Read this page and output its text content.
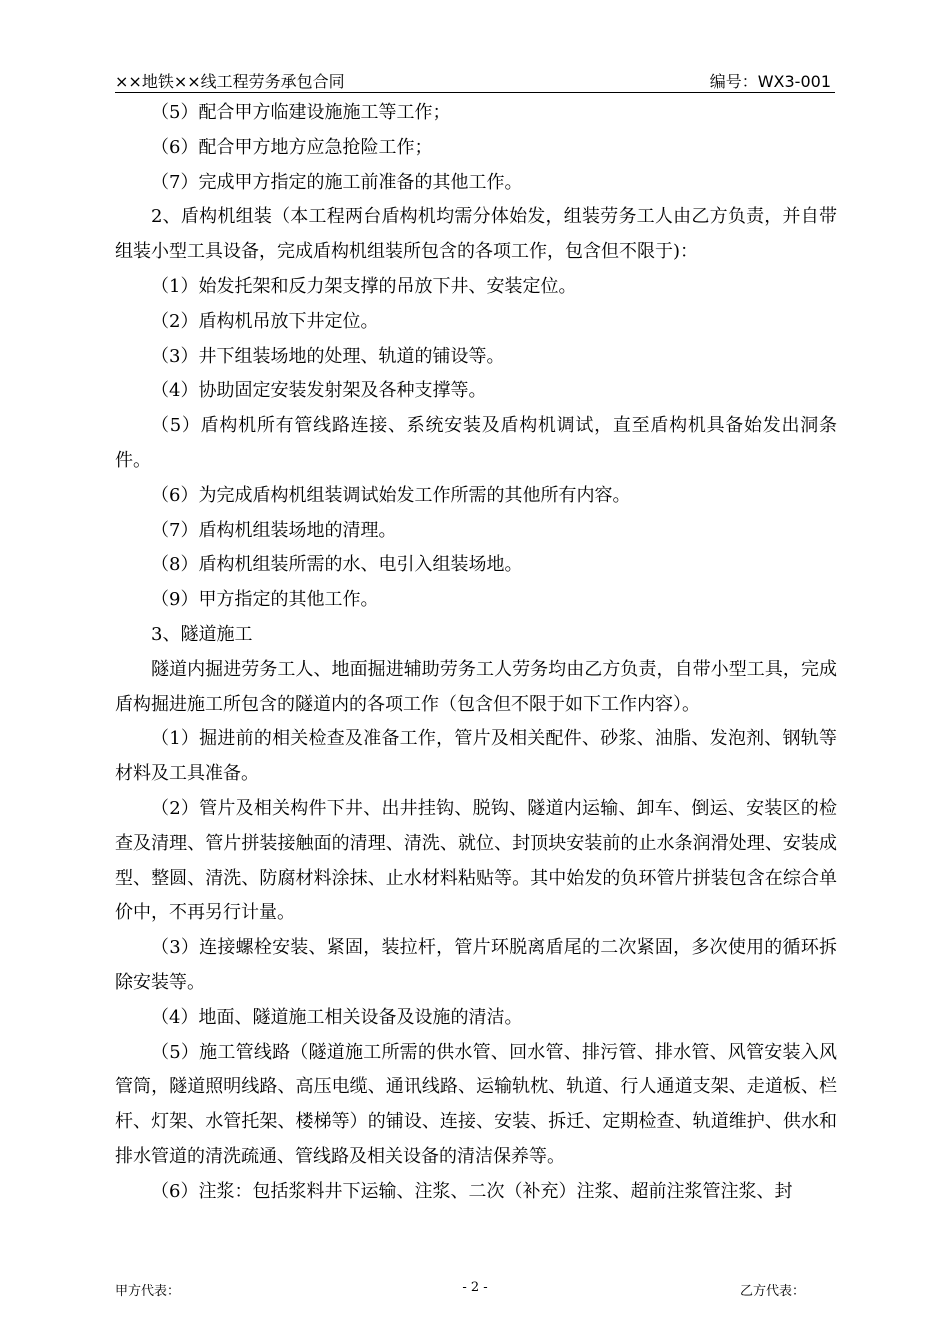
××地铁××线工程劳务承包合同	编号：WX3-001

（5）配合甲方临建设施施工等工作；

（6）配合甲方地方应急抢险工作；

（7）完成甲方指定的施工前准备的其他工作。

2、盾构机组装（本工程两台盾构机均需分体始发，组装劳务工人由乙方负责，并自带组装小型工具设备，完成盾构机组装所包含的各项工作，包含但不限于)：

（1）始发托架和反力架支撑的吊放下井、安装定位。

（2）盾构机吊放下井定位。

（3）井下组装场地的处理、轨道的铺设等。

（4）协助固定安装发射架及各种支撑等。

（5）盾构机所有管线路连接、系统安装及盾构机调试，直至盾构机具备始发出洞条件。

（6）为完成盾构机组装调试始发工作所需的其他所有内容。

（7）盾构机组装场地的清理。

（8）盾构机组装所需的水、电引入组装场地。

（9）甲方指定的其他工作。

3、隧道施工

隧道内掘进劳务工人、地面掘进辅助劳务工人劳务均由乙方负责，自带小型工具，完成盾构掘进施工所包含的隧道内的各项工作（包含但不限于如下工作内容）。

（1）掘进前的相关检查及准备工作，管片及相关配件、砂浆、油脂、发泡剂、钢轨等材料及工具准备。

（2）管片及相关构件下井、出井挂钩、脱钩、隧道内运输、卸车、倒运、安装区的检查及清理、管片拼装接触面的清理、清洗、就位、封顶块安装前的止水条润滑处理、安装成型、整圆、清洗、防腐材料涂抹、止水材料粘贴等。其中始发的负环管片拼装包含在综合单价中，不再另行计量。

（3）连接螺栓安装、紧固，装拉杆，管片环脱离盾尾的二次紧固，多次使用的循环拆除安装等。

（4）地面、隧道施工相关设备及设施的清洁。

（5）施工管线路（隧道施工所需的供水管、回水管、排污管、排水管、风管安装入风管筒，隧道照明线路、高压电缆、通讯线路、运输轨枕、轨道、行人通道支架、走道板、栏杆、灯架、水管托架、楼梯等）的铺设、连接、安装、拆迁、定期检查、轨道维护、供水和排水管道的清洗疏通、管线路及相关设备的清洁保养等。

（6）注浆：包括浆料井下运输、注浆、二次（补充）注浆、超前注浆管注浆、封

甲方代表：	- 2 -	乙方代表：
